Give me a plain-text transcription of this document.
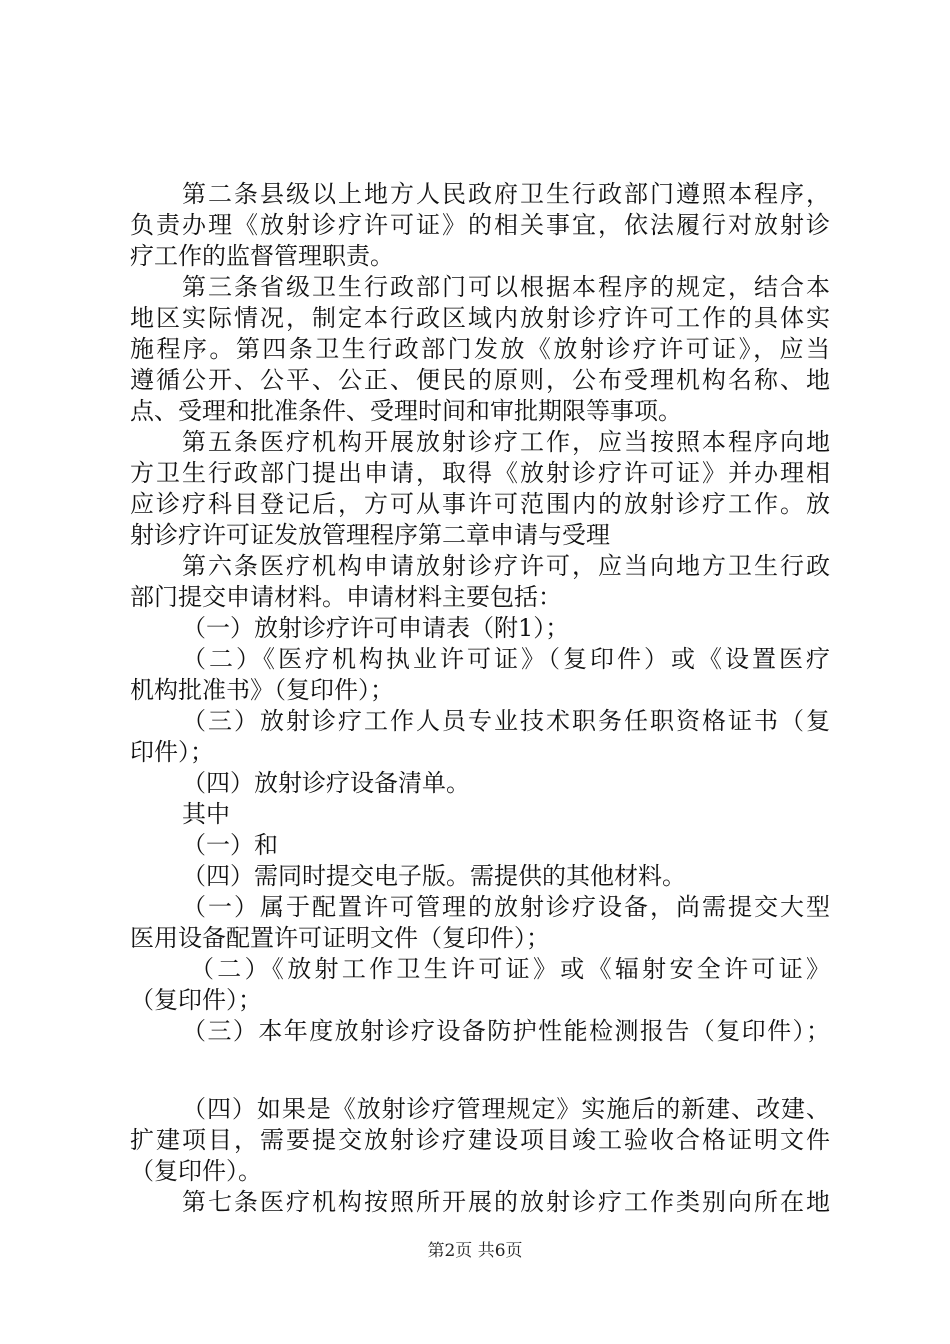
第二条县级以上地方人民政府卫生行政部门遵照本程序，
负责办理《放射诊疗许可证》的相关事宜，依法履行对放射诊
疗工作的监督管理职责。
第三条省级卫生行政部门可以根据本程序的规定，结合本
地区实际情况，制定本行政区域内放射诊疗许可工作的具体实
施程序。第四条卫生行政部门发放《放射诊疗许可证》，应当
遵循公开、公平、公正、便民的原则，公布受理机构名称、地
点、受理和批准条件、受理时间和审批期限等事项。
第五条医疗机构开展放射诊疗工作，应当按照本程序向地
方卫生行政部门提出申请，取得《放射诊疗许可证》并办理相
应诊疗科目登记后，方可从事许可范围内的放射诊疗工作。放
射诊疗许可证发放管理程序第二章申请与受理
第六条医疗机构申请放射诊疗许可，应当向地方卫生行政
部门提交申请材料。申请材料主要包括：
（一）放射诊疗许可申请表（附1）；
（二）《医疗机构执业许可证》（复印件）或《设置医疗
机构批准书》（复印件）；
（三）放射诊疗工作人员专业技术职务任职资格证书（复
印件）；
（四）放射诊疗设备清单。
其中
（一）和
（四）需同时提交电子版。需提供的其他材料。
（一）属于配置许可管理的放射诊疗设备，尚需提交大型
医用设备配置许可证明文件（复印件）；
（二）《放射工作卫生许可证》或《辐射安全许可证》
（复印件）；
（三）本年度放射诊疗设备防护性能检测报告（复印件）；
（四）如果是《放射诊疗管理规定》实施后的新建、改建、
扩建项目，需要提交放射诊疗建设项目竣工验收合格证明文件
（复印件）。
第七条医疗机构按照所开展的放射诊疗工作类别向所在地
第2页 共6页
